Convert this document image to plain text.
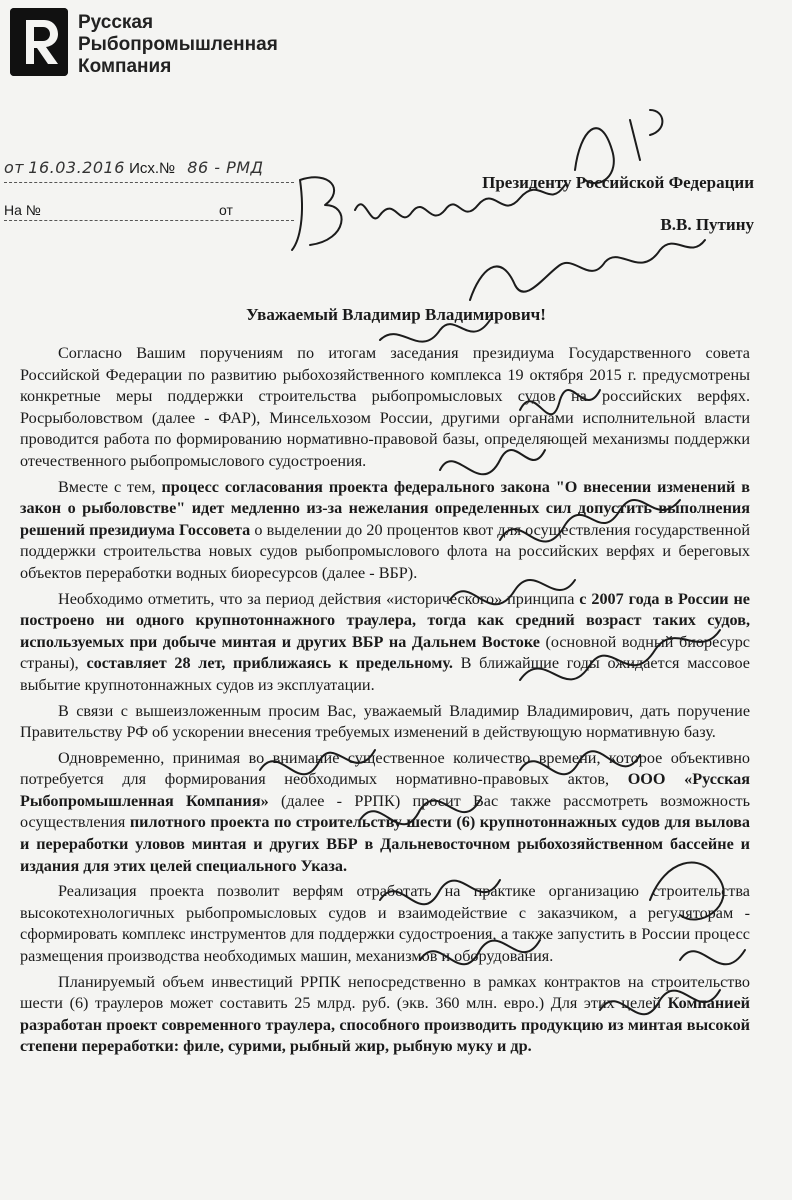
Русская
Рыбопромышленная
Компания
от 16.03.2016 Исх.№ 86 - РМД
На №	от
Президенту Российской Федерации
В.В. Путину
Уважаемый Владимир Владимирович!

Согласно Вашим поручениям по итогам заседания президиума Государственного совета Российской Федерации по развитию рыбохозяйственного комплекса 19 октября 2015 г. предусмотрены конкретные меры поддержки строительства рыбопромысловых судов на российских верфях. Росрыболовством (далее - ФАР), Минсельхозом России, другими органами исполнительной власти проводится работа по формированию нормативно-правовой базы, определяющей механизмы поддержки отечественного рыбопромыслового судостроения.

Вместе с тем, процесс согласования проекта федерального закона "О внесении изменений в закон о рыболовстве" идет медленно из-за нежелания определенных сил допустить выполнения решений президиума Госсовета о выделении до 20 процентов квот для осуществления государственной поддержки строительства новых судов рыбопромыслового флота на российских верфях и береговых объектов переработки водных биоресурсов (далее - ВБР).

Необходимо отметить, что за период действия «исторического» принципа с 2007 года в России не построено ни одного крупнотоннажного траулера, тогда как средний возраст таких судов, используемых при добыче минтая и других ВБР на Дальнем Востоке (основной водный биоресурс страны), составляет 28 лет, приближаясь к предельному. В ближайшие годы ожидается массовое выбытие крупнотоннажных судов из эксплуатации.

В связи с вышеизложенным просим Вас, уважаемый Владимир Владимирович, дать поручение Правительству РФ об ускорении внесения требуемых изменений в действующую нормативную базу.

Одновременно, принимая во внимание существенное количество времени, которое объективно потребуется для формирования необходимых нормативно-правовых актов, ООО «Русская Рыбопромышленная Компания» (далее - РРПК) просит Вас также рассмотреть возможность осуществления пилотного проекта по строительству шести (6) крупнотоннажных судов для вылова и переработки уловов минтая и других ВБР в Дальневосточном рыбохозяйственном бассейне и издания для этих целей специального Указа.

Реализация проекта позволит верфям отработать на практике организацию строительства высокотехнологичных рыбопромысловых судов и взаимодействие с заказчиком, а регуляторам - сформировать комплекс инструментов для поддержки судостроения, а также запустить в России процесс размещения производства необходимых машин, механизмов и оборудования.

Планируемый объем инвестиций РРПК непосредственно в рамках контрактов на строительство шести (6) траулеров может составить 25 млрд. руб. (экв. 360 млн. евро.) Для этих целей Компанией разработан проект современного траулера, способного производить продукцию из минтая высокой степени переработки: филе, сурими, рыбный жир, рыбную муку и др.
